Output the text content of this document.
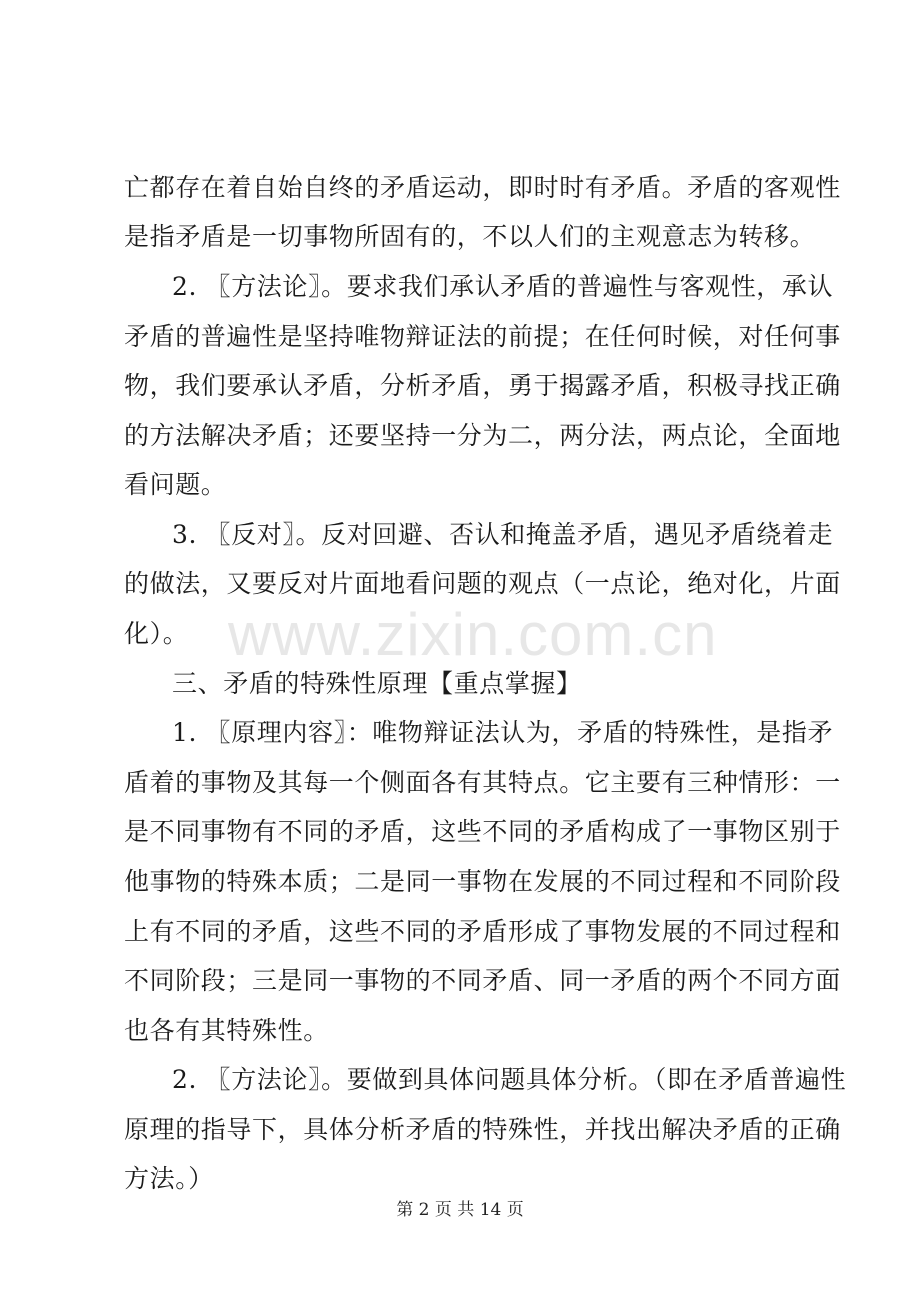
亡都存在着自始自终的矛盾运动，即时时有矛盾。矛盾的客观性
是指矛盾是一切事物所固有的，不以人们的主观意志为转移。
2. 〖方法论〗。要求我们承认矛盾的普遍性与客观性，承认
矛盾的普遍性是坚持唯物辩证法的前提；在任何时候，对任何事
物，我们要承认矛盾，分析矛盾，勇于揭露矛盾，积极寻找正确
的方法解决矛盾；还要坚持一分为二，两分法，两点论，全面地
看问题。
3. 〖反对〗。反对回避、否认和掩盖矛盾，遇见矛盾绕着走
的做法，又要反对片面地看问题的观点（一点论，绝对化，片面
化）。
三、矛盾的特殊性原理【重点掌握】
1. 〖原理内容〗：唯物辩证法认为，矛盾的特殊性，是指矛
盾着的事物及其每一个侧面各有其特点。它主要有三种情形：一
是不同事物有不同的矛盾，这些不同的矛盾构成了一事物区别于
他事物的特殊本质；二是同一事物在发展的不同过程和不同阶段
上有不同的矛盾，这些不同的矛盾形成了事物发展的不同过程和
不同阶段；三是同一事物的不同矛盾、同一矛盾的两个不同方面
也各有其特殊性。
2. 〖方法论〗。要做到具体问题具体分析。（即在矛盾普遍性
原理的指导下，具体分析矛盾的特殊性，并找出解决矛盾的正确
方法。）
www.zixin.com.cn
第 2 页 共 14 页
